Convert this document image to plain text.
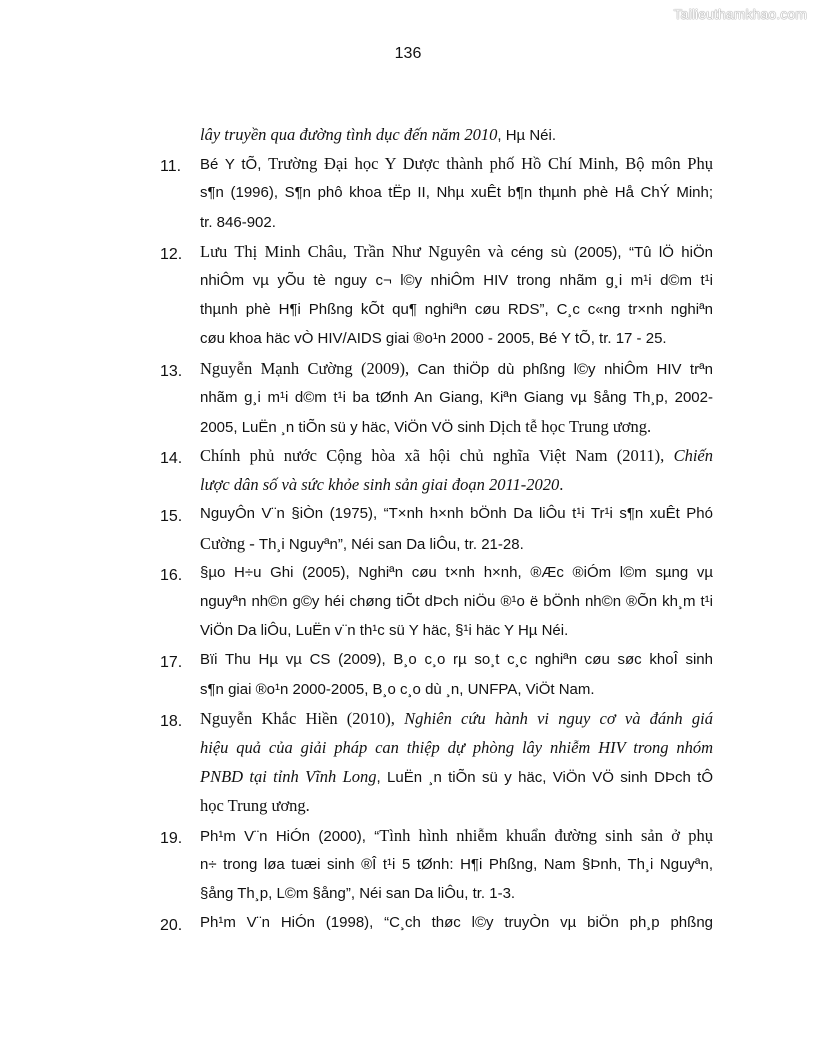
Tailieuthamkhao.com
136
lây truyền qua đường tình dục đến năm 2010, Hµ Néi.
11.	Bé Y tÕ, Trường Đại học Y Dược thành phố Hồ Chí Minh, Bộ môn Phụ
s¶n (1996), S¶n phô khoa tËp II, Nhµ xuÊt b¶n thµnh phè Hå ChÝ Minh;
tr. 846-902.
12.	Lưu Thị Minh Châu, Trần Như Nguyên và céng sù (2005), “Tû lÖ hiÖn
nhiÔm vµ yÕu tè nguy c¬ l©y nhiÔm HIV trong nhãm g¸i m¹i d©m t¹i
thµnh phè H¶i Phßng kÕt qu¶ nghiªn cøu RDS”, C¸c c«ng tr×nh nghiªn
cøu khoa häc vÒ HIV/AIDS giai ®o¹n 2000 - 2005, Bé Y tÕ, tr. 17 - 25.
13.	Nguyễn Mạnh Cường (2009), Can thiÖp dù phßng l©y nhiÔm HIV trªn
nhãm g¸i m¹i d©m t¹i ba tØnh An Giang, Kiªn Giang vµ §ång Th¸p, 2002-
2005, LuËn ¸n tiÕn sü y häc, ViÖn VÖ sinh Dịch tễ học Trung ương.
14.	Chính phủ nước Cộng hòa xã hội chủ nghĩa Việt Nam (2011), Chiến
lược dân số và sức khỏe sinh sản giai đoạn 2011-2020.
15.	NguyÔn V¨n §iÒn (1975), “T×nh h×nh bÖnh Da liÔu t¹i Tr¹i s¶n xuÊt Phó
Cường - Th¸i Nguyªn”, Néi san Da liÔu, tr. 21-28.
16.	§µo H÷u Ghi (2005), Nghiªn cøu t×nh h×nh, ®Æc ®iÓm l©m sµng vµ
nguyªn nh©n g©y héi chøng tiÕt dÞch niÖu ®¹o ë bÖnh nh©n ®Õn kh¸m t¹i
ViÖn Da liÔu, LuËn v¨n th¹c sü Y häc, §¹i häc Y Hµ Néi.
17.	Bïi Thu Hµ vµ CS (2009), B¸o c¸o rµ so¸t c¸c nghiªn cøu søc khoÎ sinh
s¶n giai ®o¹n 2000-2005, B¸o c¸o dù ¸n, UNFPA, ViÖt Nam.
18.	Nguyễn Khắc Hiền (2010), Nghiên cứu hành vi nguy cơ và đánh giá
hiệu quả của giải pháp can thiệp dự phòng lây nhiễm HIV trong nhóm
PNBD tại tỉnh Vĩnh Long, LuËn ¸n tiÕn sü y häc, ViÖn VÖ sinh DÞch tÔ
học Trung ương.
19.	Ph¹m V¨n HiÓn (2000), “Tình hình nhiễm khuẩn đường sinh sản ở phụ
n÷ trong løa tuæi sinh ®Î t¹i 5 tØnh: H¶i Phßng, Nam §Þnh, Th¸i Nguyªn,
§ång Th¸p, L©m §ång”, Néi san Da liÔu, tr. 1-3.
20.	Ph¹m V¨n HiÓn (1998), “C¸ch thøc l©y truyÒn vµ biÖn ph¸p phßng
